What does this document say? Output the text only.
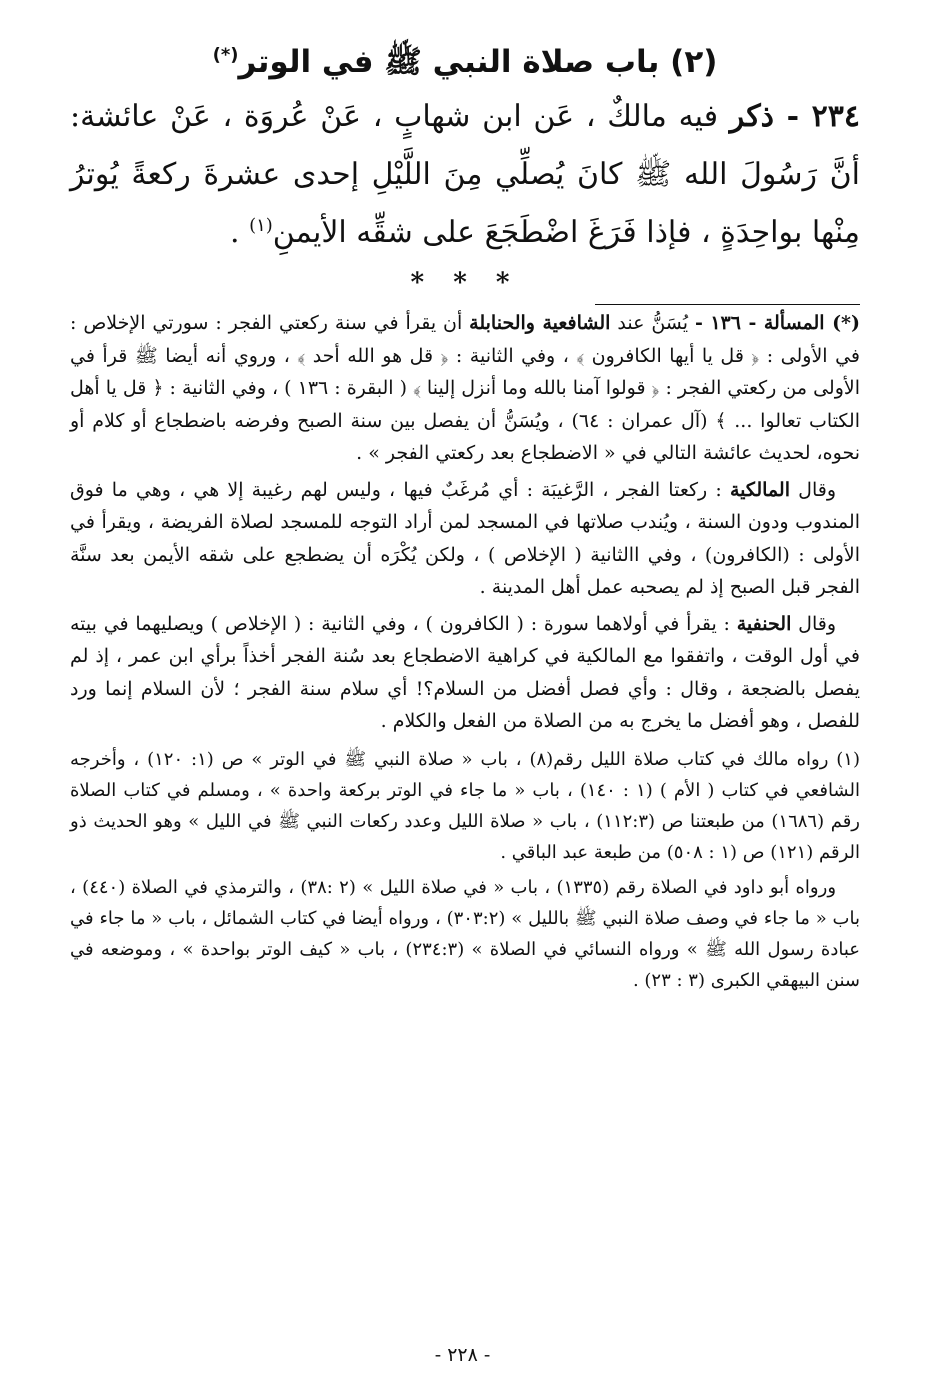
(٢) باب صلاة النبي ﷺ في الوتر(*)
٢٣٤ - ذكر فيه مالكٌ ، عَن ابن شهابٍ ، عَنْ عُروَة ، عَنْ عائشة: أنَّ رَسُولَ الله ﷺ كانَ يُصلِّي مِنَ اللَّيْلِ إحدى عشرةَ ركعةً يُوترُ مِنْها بواحِدَةٍ ، فإذا فَرَغَ اضْطَجَعَ على شقِّه الأيمنِ$^{(١)}$ .
* * *

(*) المسألة - ١٣٦ - يُسَنُّ عند الشافعية والحنابلة أن يقرأ في سنة ركعتي الفجر : سورتي الإخلاص : في الأولى : ﴿ قل يا أيها الكافرون ﴾ ، وفي الثانية : ﴿ قل هو الله أحد ﴾ ، وروي أنه أيضا ﷺ قرأ في الأولى من ركعتي الفجر : ﴿ قولوا آمنا بالله وما أنزل إلينا ﴾ ( البقرة : ١٣٦ ) ، وفي الثانية : ﴿ قل يا أهل الكتاب تعالوا ... ﴾ (آل عمران : ٦٤) ، ويُسَنُّ أن يفصل بين سنة الصبح وفرضه باضطجاع أو كلام أو نحوه، لحديث عائشة التالي في « الاضطجاع بعد ركعتي الفجر » .

وقال المالكية : ركعتا الفجر ، الرَّغيبَة : أي مُرغَبٌ فيها ، وليس لهم رغيبة إلا هي ، وهي ما فوق المندوب ودون السنة ، ويُندب صلاتها في المسجد لمن أراد التوجه للمسجد لصلاة الفريضة ، ويقرأ في الأولى : (الكافرون) ، وفي االثانية ( الإخلاص ) ، ولكن يُكْرَه أن يضطجع على شقه الأيمن بعد سنَّة الفجر قبل الصبح إذ لم يصحبه عمل أهل المدينة .

وقال الحنفية : يقرأ في أولاهما سورة : ( الكافرون ) ، وفي الثانية : ( الإخلاص ) ويصليهما في بيته في أول الوقت ، واتفقوا مع المالكية في كراهية الاضطجاع بعد سُنة الفجر أخذاً برأي ابن عمر ، إذ لم يفصل بالضجعة ، وقال : وأي فصل أفضل من السلام؟! أي سلام سنة الفجر ؛ لأن السلام إنما ورد للفصل ، وهو أفضل ما يخرج به من الصلاة من الفعل والكلام .

(١) رواه مالك في كتاب صلاة الليل رقم(٨) ، باب « صلاة النبي ﷺ في الوتر » ص (١: ١٢٠) ، وأخرجه الشافعي في كتاب ( الأم ) (١ : ١٤٠) ، باب « ما جاء في الوتر بركعة واحدة » ، ومسلم في كتاب الصلاة رقم (١٦٨٦) من طبعتنا ص (١١٢:٣) ، باب « صلاة الليل وعدد ركعات النبي ﷺ في الليل » وهو الحديث ذو الرقم (١٢١) ص (١ : ٥٠٨) من طبعة عبد الباقي .

ورواه أبو داود في الصلاة رقم (١٣٣٥) ، باب « في صلاة الليل » (٢ :٣٨) ، والترمذي في الصلاة (٤٤٠) ، باب « ما جاء في وصف صلاة النبي ﷺ بالليل » (٣٠٣:٢) ، ورواه أيضا في كتاب الشمائل ، باب « ما جاء في عبادة رسول الله ﷺ » ورواه النسائي في الصلاة » (٢٣٤:٣) ، باب « كيف الوتر بواحدة » ، وموضعه في سنن البيهقي الكبرى (٣ : ٢٣) .

- ٢٢٨ -
